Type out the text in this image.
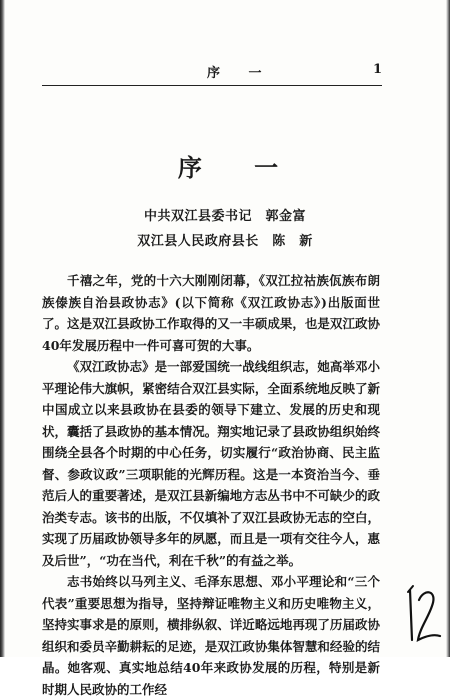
序 一	1
序 一
中共双江县委书记　郭金富
双江县人民政府县长　陈　新

千禧之年，党的十六大刚刚闭幕，《双江拉祜族佤族布朗族傣族自治县政协志》(以下简称《双江政协志》)出版面世了。这是双江县政协工作取得的又一丰硕成果，也是双江政协40年发展历程中一件可喜可贺的大事。

《双江政协志》是一部爱国统一战线组织志，她高举邓小平理论伟大旗帜，紧密结合双江县实际，全面系统地反映了新中国成立以来县政协在县委的领导下建立、发展的历史和现状，囊括了县政协的基本情况。翔实地记录了县政协组织始终围绕全县各个时期的中心任务，切实履行“政治协商、民主监督、参政议政”三项职能的光辉历程。这是一本资治当今、垂范后人的重要著述，是双江县新编地方志丛书中不可缺少的政治类专志。该书的出版，不仅填补了双江县政协无志的空白，实现了历届政协领导多年的夙愿，而且是一项有交往今人，惠及后世”，“功在当代，利在千秋”的有益之举。

志书始终以马列主义、毛泽东思想、邓小平理论和“三个代表”重要思想为指导，坚持辩证唯物主义和历史唯物主义，坚持实事求是的原则，横排纵叙、详近略远地再现了历届政协组织和委员辛勤耕耘的足迹，是双江政协集体智慧和经验的结晶。她客观、真实地总结40年来政协发展的历程，特别是新时期人民政协的工作经
